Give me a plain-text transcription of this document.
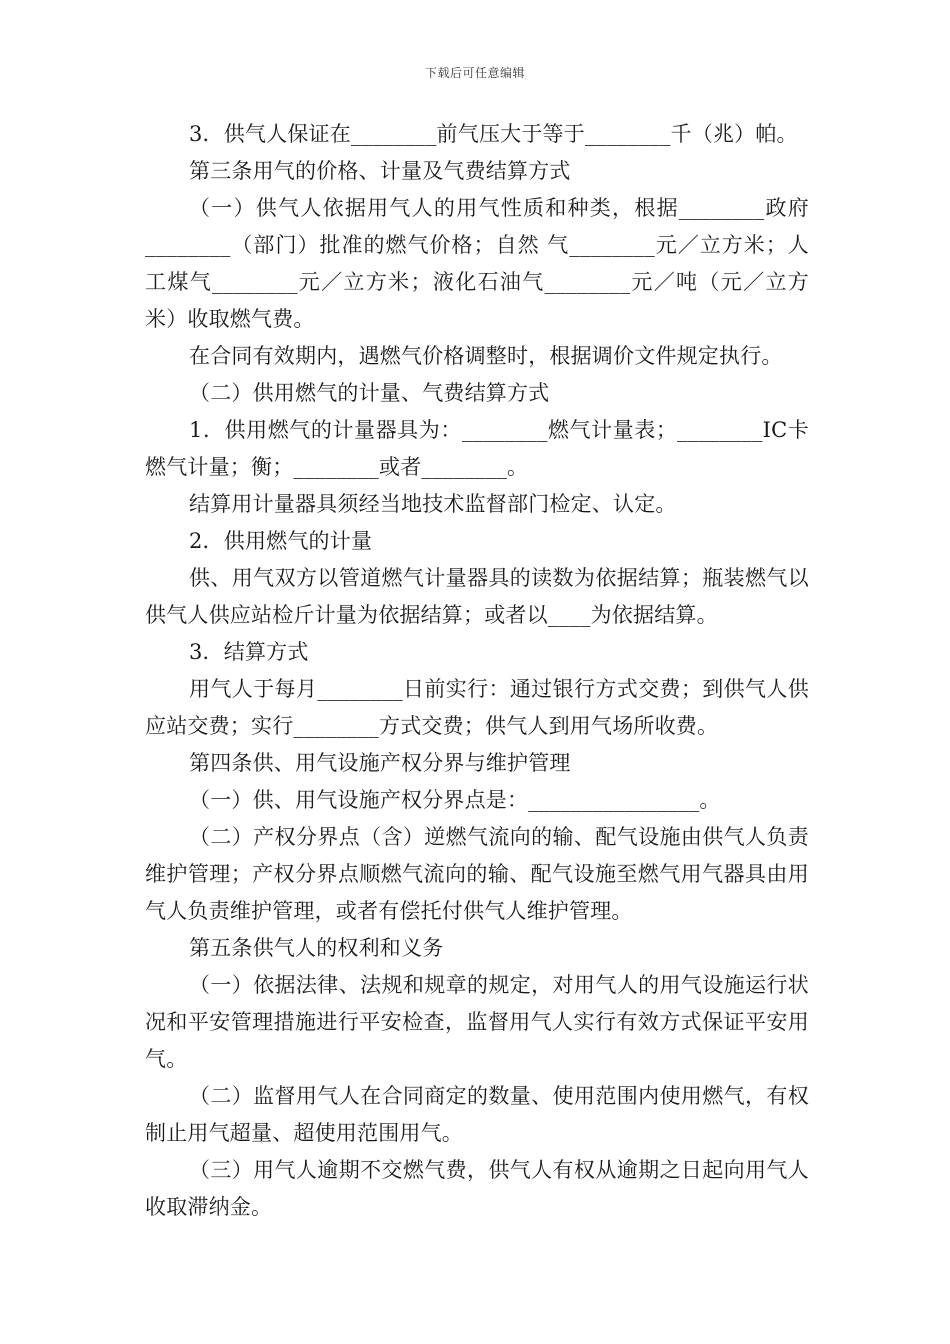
下载后可任意编辑

3．供气人保证在________前气压大于等于________千（兆）帕。

第三条用气的价格、计量及气费结算方式

（一）供气人依据用气人的用气性质和种类，根据________政府________（部门）批准的燃气价格；自然 气________元／立方米；人工煤气________元／立方米；液化石油气________元／吨（元／立方米）收取燃气费。

在合同有效期内，遇燃气价格调整时，根据调价文件规定执行。

（二）供用燃气的计量、气费结算方式

1．供用燃气的计量器具为：________燃气计量表；________IC卡燃气计量；衡；________或者________。

结算用计量器具须经当地技术监督部门检定、认定。

2．供用燃气的计量

供、用气双方以管道燃气计量器具的读数为依据结算；瓶装燃气以供气人供应站检斤计量为依据结算；或者以____为依据结算。

3．结算方式

用气人于每月________日前实行：通过银行方式交费；到供气人供应站交费；实行________方式交费；供气人到用气场所收费。

第四条供、用气设施产权分界与维护管理

（一）供、用气设施产权分界点是：________________。

（二）产权分界点（含）逆燃气流向的输、配气设施由供气人负责维护管理；产权分界点顺燃气流向的输、配气设施至燃气用气器具由用气人负责维护管理，或者有偿托付供气人维护管理。

第五条供气人的权利和义务

（一）依据法律、法规和规章的规定，对用气人的用气设施运行状况和平安管理措施进行平安检查，监督用气人实行有效方式保证平安用气。

（二）监督用气人在合同商定的数量、使用范围内使用燃气，有权制止用气超量、超使用范围用气。

（三）用气人逾期不交燃气费，供气人有权从逾期之日起向用气人收取滞纳金。
